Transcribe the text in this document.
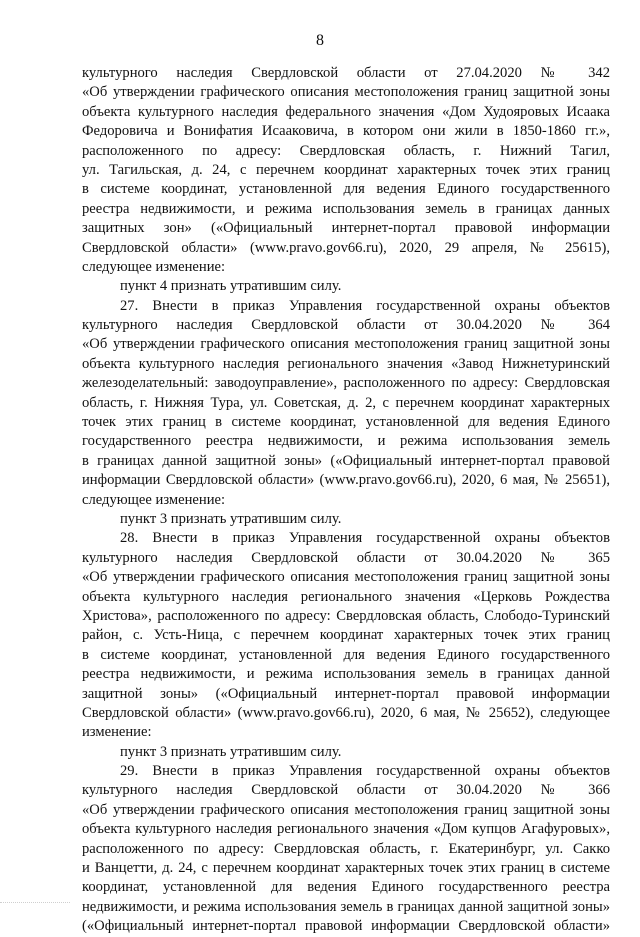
8
культурного наследия Свердловской области от 27.04.2020 № 342
«Об утверждении графического описания местоположения границ защитной зоны
объекта культурного наследия федерального значения «Дом Худояровых Исаака
Федоровича и Вонифатия Исааковича, в котором они жили в 1850-1860 гг.»,
расположенного по адресу: Свердловская область, г. Нижний Тагил,
ул. Тагильская, д. 24, с перечнем координат характерных точек этих границ
в системе координат, установленной для ведения Единого государственного
реестра недвижимости, и режима использования земель в границах данных
защитных зон» («Официальный интернет-портал правовой информации
Свердловской области» (www.pravo.gov66.ru), 2020, 29 апреля, № 25615),
следующее изменение:
пункт 4 признать утратившим силу.
27. Внести в приказ Управления государственной охраны объектов
культурного наследия Свердловской области от 30.04.2020 № 364
«Об утверждении графического описания местоположения границ защитной зоны
объекта культурного наследия регионального значения «Завод Нижнетуринский
железоделательный: заводоуправление», расположенного по адресу: Свердловская
область, г. Нижняя Тура, ул. Советская, д. 2, с перечнем координат характерных
точек этих границ в системе координат, установленной для ведения Единого
государственного реестра недвижимости, и режима использования земель
в границах данной защитной зоны» («Официальный интернет-портал правовой
информации Свердловской области» (www.pravo.gov66.ru), 2020, 6 мая, № 25651),
следующее изменение:
пункт 3 признать утратившим силу.
28. Внести в приказ Управления государственной охраны объектов
культурного наследия Свердловской области от 30.04.2020 № 365
«Об утверждении графического описания местоположения границ защитной зоны
объекта культурного наследия регионального значения «Церковь Рождества
Христова», расположенного по адресу: Свердловская область, Слободо-Туринский
район, с. Усть-Ница, с перечнем координат характерных точек этих границ
в системе координат, установленной для ведения Единого государственного
реестра недвижимости, и режима использования земель в границах данной
защитной зоны» («Официальный интернет-портал правовой информации
Свердловской области» (www.pravo.gov66.ru), 2020, 6 мая, № 25652), следующее
изменение:
пункт 3 признать утратившим силу.
29. Внести в приказ Управления государственной охраны объектов
культурного наследия Свердловской области от 30.04.2020 № 366
«Об утверждении графического описания местоположения границ защитной зоны
объекта культурного наследия регионального значения «Дом купцов Агафуровых»,
расположенного по адресу: Свердловская область, г. Екатеринбург, ул. Сакко
и Ванцетти, д. 24, с перечнем координат характерных точек этих границ в системе
координат, установленной для ведения Единого государственного реестра
недвижимости, и режима использования земель в границах данной защитной зоны»
(«Официальный интернет-портал правовой информации Свердловской области»
